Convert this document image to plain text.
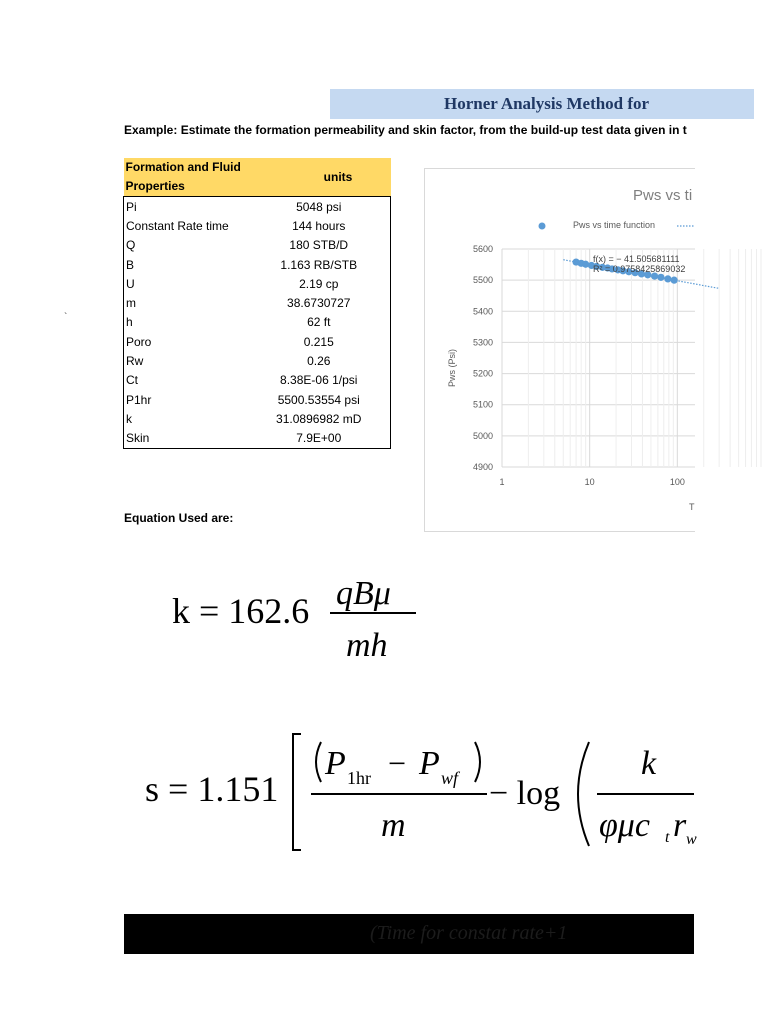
Horner Analysis Method for
Example: Estimate the formation permeability and skin factor, from the build-up test data given in t
`
Formation and Fluid Properties	units
Pi	5048 psi
Constant Rate time	144 hours
Q	180 STB/D
B	1.163 RB/STB
U	2.19 cp
m	38.6730727
h	62 ft
Poro	0.215
Rw	0.26
Ct	8.38E-06 1/psi
P1hr	5500.53554 psi
k	31.0896982 mD
Skin	7.9E+00
Pws vs ti
Pws vs time function
Pws (Psi)
T
5600
5500
5400
5300
5200
5100
5000
4900
1	10	100
f(x) = − 41.505681111
R² = 0.9758425869032
Equation Used are:
k = 162.6 qBμ
mh
s = 1.151
P 1hr − P wf
m
− log
k
φμc t r w
(Time for constat rate+1
